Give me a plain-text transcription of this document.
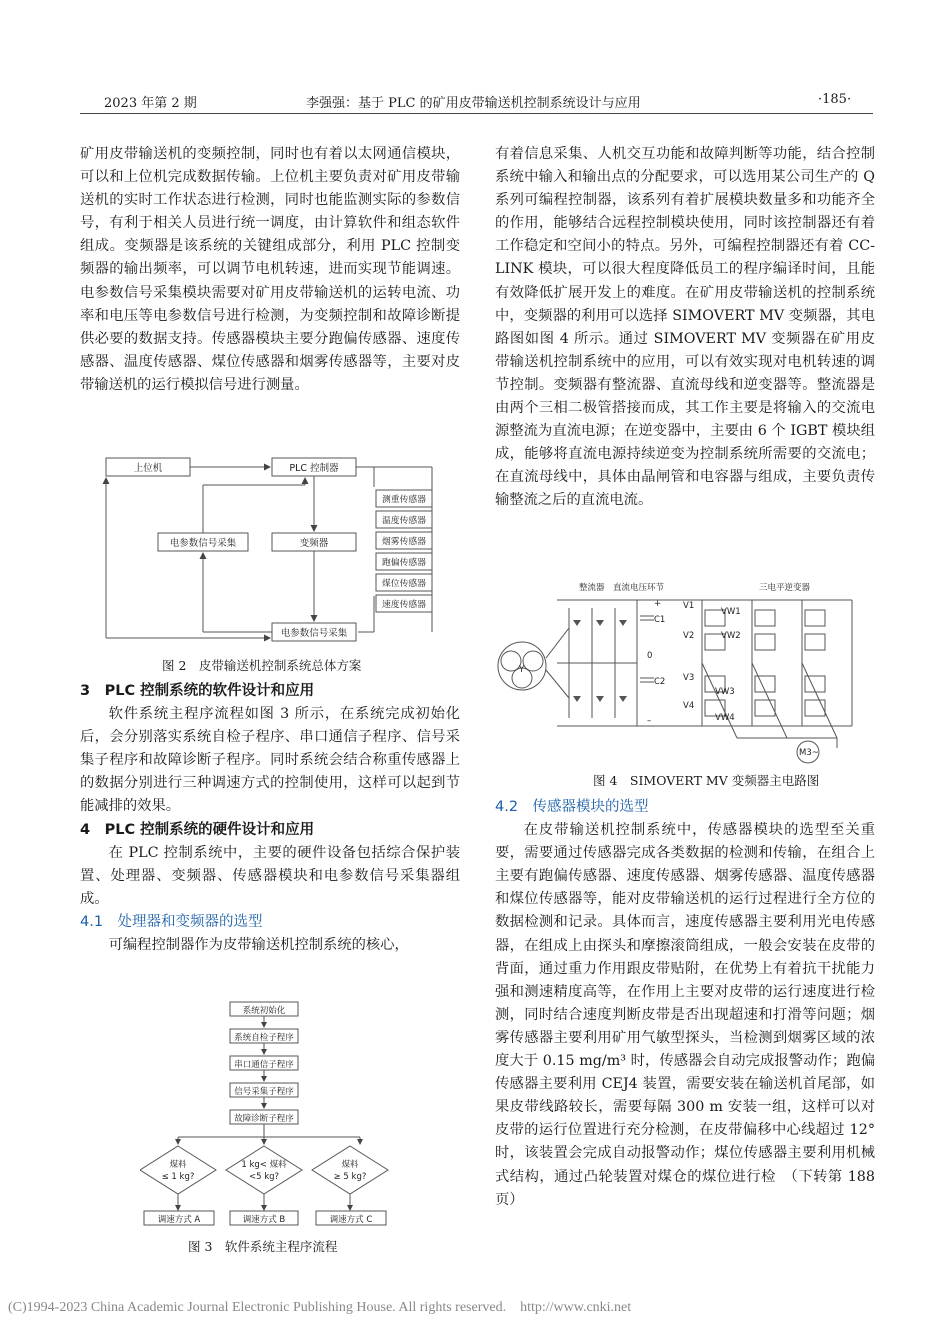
2023 年第 2 期	李强强：基于 PLC 的矿用皮带输送机控制系统设计与应用	·185·

矿用皮带输送机的变频控制，同时也有着以太网通信模块，可以和上位机完成数据传输。上位机主要负责对矿用皮带输送机的实时工作状态进行检测，同时也能监测实际的参数信号，有利于相关人员进行统一调度，由计算软件和组态软件组成。变频器是该系统的关键组成部分，利用 PLC 控制变频器的输出频率，可以调节电机转速，进而实现节能调速。电参数信号采集模块需要对矿用皮带输送机的运转电流、功率和电压等电参数信号进行检测，为变频控制和故障诊断提供必要的数据支持。传感器模块主要分跑偏传感器、速度传感器、温度传感器、煤位传感器和烟雾传感器等，主要对皮带输送机的运行模拟信号进行测量。

上位机	PLC 控制器
电参数信号采集	变频器
电参数信号采集
测重传感器
温度传感器
烟雾传感器
跑偏传感器
煤位传感器
速度传感器
图 2　皮带输送机控制系统总体方案

3　PLC 控制系统的软件设计和应用

软件系统主程序流程如图 3 所示，在系统完成初始化后，会分别落实系统自检子程序、串口通信子程序、信号采集子程序和故障诊断子程序。同时系统会结合称重传感器上的数据分别进行三种调速方式的控制使用，这样可以起到节能减排的效果。

4　PLC 控制系统的硬件设计和应用

在 PLC 控制系统中，主要的硬件设备包括综合保护装置、处理器、变频器、传感器模块和电参数信号采集器组成。

4.1　处理器和变频器的选型

可编程控制器作为皮带输送机控制系统的核心，

系统初始化
系统自检子程序
串口通信子程序
信号采集子程序
故障诊断子程序
煤料
≤ 1 kg?
1 kg< 煤料
<5 kg?
煤料
≥ 5 kg?
调速方式 A	调速方式 B	调速方式 C
图 3　软件系统主程序流程

有着信息采集、人机交互功能和故障判断等功能，结合控制系统中输入和输出点的分配要求，可以选用某公司生产的 Q 系列可编程控制器，该系列有着扩展模块数量多和功能齐全的作用，能够结合远程控制模块使用，同时该控制器还有着工作稳定和空间小的特点。另外，可编程控制器还有着 CC- LINK 模块，可以很大程度降低员工的程序编译时间，且能有效降低扩展开发上的难度。在矿用皮带输送机的控制系统中，变频器的利用可以选择 SIMOVERT MV 变频器，其电路图如图 4 所示。通过 SIMOVERT MV 变频器在矿用皮带输送机控制系统中的应用，可以有效实现对电机转速的调节控制。变频器有整流器、直流母线和逆变器等。整流器是由两个三相二极管搭接而成，其工作主要是将输入的交流电源整流为直流电源；在逆变器中，主要由 6 个 IGBT 模块组成，能够将直流电源持续逆变为控制系统所需要的交流电；在直流母线中，具体由晶闸管和电容器与组成，主要负责传输整流之后的直流电流。

整流器　直流电压环节	三电平逆变器
+
C1
0
C2
–
Y
V1
V2
V3
V4
VW1
VW2
VW3
VW4
M3~
图 4　SIMOVERT MV 变频器主电路图

4.2　传感器模块的选型

在皮带输送机控制系统中，传感器模块的选型至关重要，需要通过传感器完成各类数据的检测和传输，在组合上主要有跑偏传感器、速度传感器、烟雾传感器、温度传感器和煤位传感器等，能对皮带输送机的运行过程进行全方位的数据检测和记录。具体而言，速度传感器主要利用光电传感器，在组成上由探头和摩擦滚筒组成，一般会安装在皮带的背面，通过重力作用跟皮带贴附，在优势上有着抗干扰能力强和测速精度高等，在作用上主要对皮带的运行速度进行检测，同时结合速度判断皮带是否出现超速和打滑等问题；烟雾传感器主要利用矿用气敏型探头，当检测到烟雾区域的浓度大于 0.15 mg/m³ 时，传感器会自动完成报警动作；跑偏传感器主要利用 CEJ4 装置，需要安装在输送机首尾部，如果皮带线路较长，需要每隔 300 m 安装一组，这样可以对皮带的运行位置进行充分检测，在皮带偏移中心线超过 12° 时，该装置会完成自动报警动作；煤位传感器主要利用机械式结构，通过凸轮装置对煤仓的煤位进行检　（下转第 188 页）

(C)1994-2023 China Academic Journal Electronic Publishing House. All rights reserved.　http://www.cnki.net
